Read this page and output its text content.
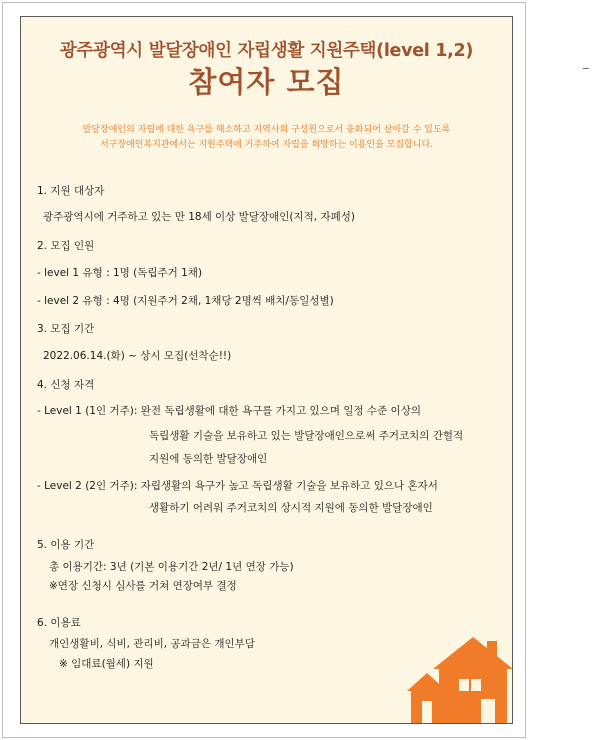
광주광역시 발달장애인 자립생활 지원주택(level 1,2)
참여자 모집
발달장애인의 자립에 대한 욕구를 해소하고 지역사회 구성원으로서 융화되어 살아갈 수 있도록
서구장애인복지관에서는 지원주택에 거주하여 자립을 희망하는 이용인을 모집합니다.
1. 지원 대상자
광주광역시에 거주하고 있는 만 18세 이상 발달장애인(지적, 자폐성)
2. 모집 인원
- level 1 유형 : 1명 (독립주거 1채)
- level 2 유형 : 4명 (지원주거 2채, 1채당 2명씩 배치/동일성별)
3. 모집 기간
2022.06.14.(화) ~ 상시 모집(선착순!!)
4. 신청 자격
- Level 1 (1인 거주): 완전 독립생활에 대한 욕구를 가지고 있으며 일정 수준 이상의
독립생활 기술을 보유하고 있는 발달장애인으로써 주거코치의 간헐적
지원에 동의한 발달장애인
- Level 2 (2인 거주): 자립생활의 욕구가 높고 독립생활 기술을 보유하고 있으나 혼자서
생활하기 어려워 주거코치의 상시적 지원에 동의한 발달장애인
5. 이용 기간
총 이용기간: 3년 (기본 이용기간 2년/ 1년 연장 가능)
※연장 신청시 심사를 거쳐 연장여부 결정
6. 이용료
개인생활비, 식비, 관리비, 공과금은 개인부담
※ 임대료(월세) 지원
